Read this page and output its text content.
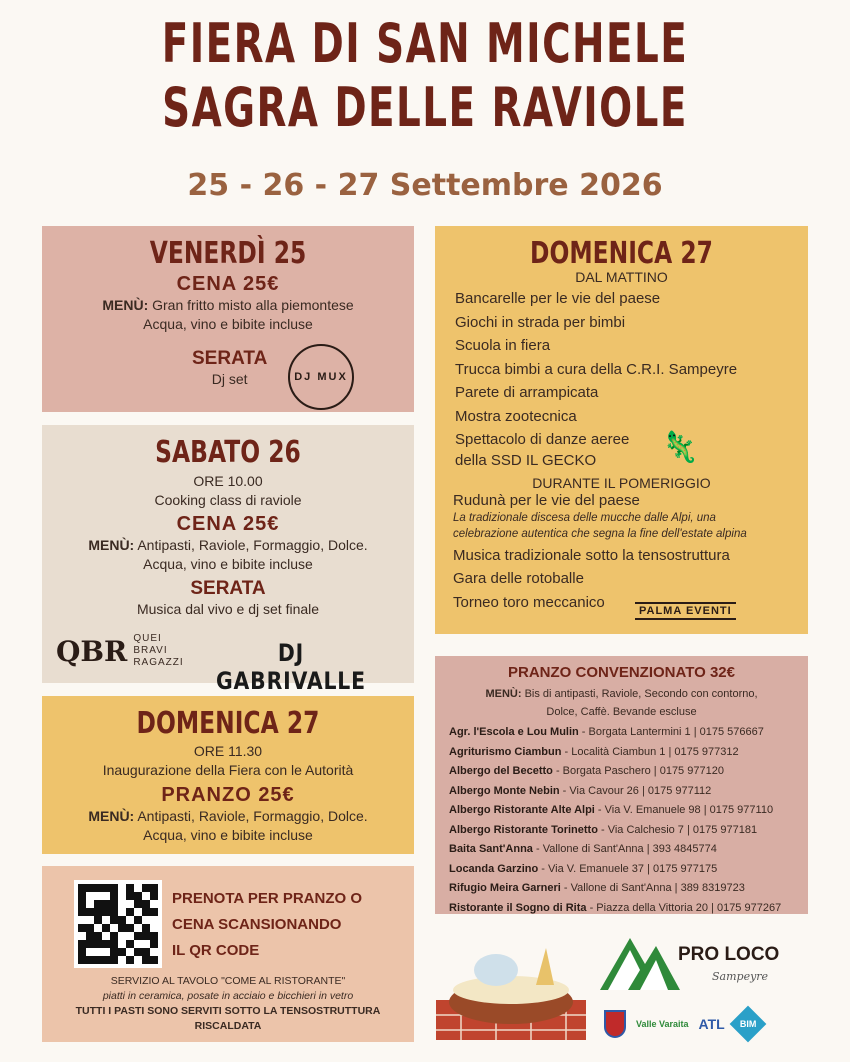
FIERA DI SAN MICHELE
SAGRA DELLE RAVIOLE
25 - 26 - 27 Settembre 2026
VENERDÌ 25
CENA 25€
MENÙ: Gran fritto misto alla piemontese
Acqua, vino e bibite incluse
SERATA
Dj set	DJ MUX
SABATO 26
ORE 10.00
Cooking class di raviole
CENA 25€
MENÙ: Antipasti, Raviole, Formaggio, Dolce.
Acqua, vino e bibite incluse
SERATA
Musica dal vivo e dj set finale
QBR QUEI BRAVI RAGAZZI	DJ GABRIVALLE
DOMENICA 27
ORE 11.30
Inaugurazione della Fiera con le Autorità
PRANZO 25€
MENÙ: Antipasti, Raviole, Formaggio, Dolce.
Acqua, vino e bibite incluse
PRENOTA PER PRANZO O
CENA SCANSIONANDO
IL QR CODE
SERVIZIO AL TAVOLO "COME AL RISTORANTE"
piatti in ceramica, posate in acciaio e bicchieri in vetro
TUTTI I PASTI SONO SERVITI SOTTO LA TENSOSTRUTTURA
RISCALDATA
DOMENICA 27
DAL MATTINO
Bancarelle per le vie del paese
Giochi in strada per bimbi
Scuola in fiera
Trucca bimbi a cura della C.R.I. Sampeyre
Parete di arrampicata
Mostra zootecnica
Spettacolo di danze aeree
della SSD IL GECKO
DURANTE IL POMERIGGIO
Rudunà per le vie del paese
La tradizionale discesa delle mucche dalle Alpi, una
celebrazione autentica che segna la fine dell'estate alpina
Musica tradizionale sotto la tensostruttura
Gara delle rotoballe
Torneo toro meccanico
🦎
PALMA EVENTI
PRANZO CONVENZIONATO 32€
MENÙ: Bis di antipasti, Raviole, Secondo con contorno,
Dolce, Caffè. Bevande escluse
Agr. l'Escola e Lou Mulin - Borgata Lantermini 1 | 0175 576667
Agriturismo Ciambun - Località Ciambun 1 | 0175 977312
Albergo del Becetto - Borgata Paschero | 0175 977120
Albergo Monte Nebin - Via Cavour 26 | 0175 977112
Albergo Ristorante Alte Alpi - Via V. Emanuele 98 | 0175 977110
Albergo Ristorante Torinetto - Via Calchesio 7 | 0175 977181
Baita Sant'Anna - Vallone di Sant'Anna | 393 4845774
Locanda Garzino - Via V. Emanuele 37 | 0175 977175
Rifugio Meira Garneri - Vallone di Sant'Anna | 389 8319723
Ristorante il Sogno di Rita - Piazza della Vittoria 20 | 0175 977267
PRO LOCO
Sampeyre
Valle Varaita ATL	BIM
